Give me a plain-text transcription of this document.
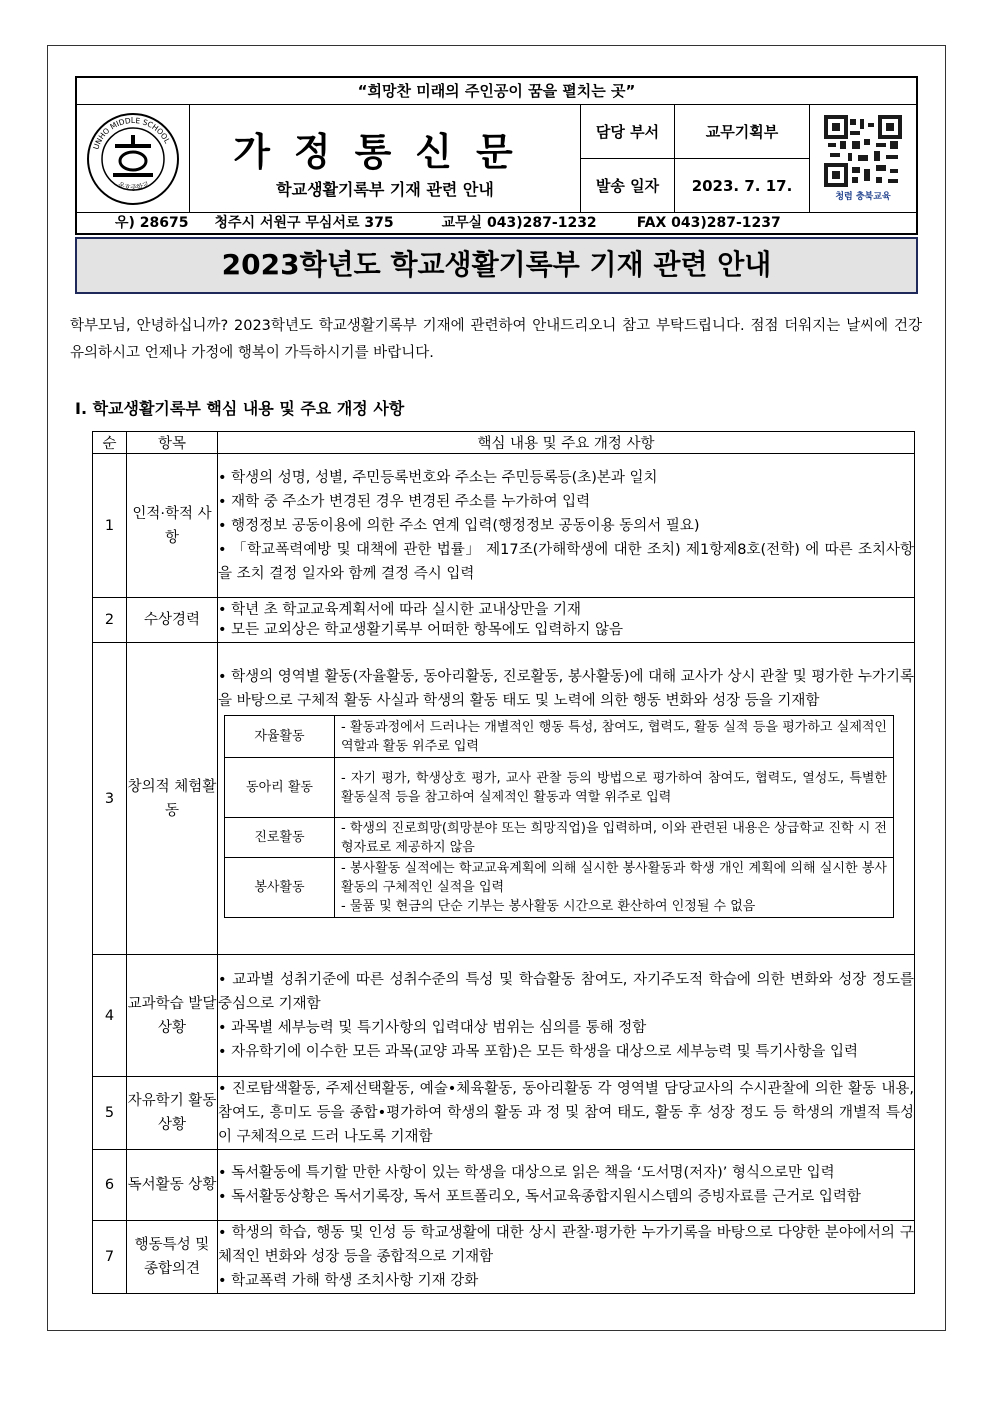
“희망찬 미래의 주인공이 꿈을 펼치는 곳”
UNHO MIDDLE SCHOOL
운호중학교
가정통신문
학교생활기록부 기재 관련 안내
담당 부서	교무기획부
발송 일자	2023. 7. 17.
청렴 충북교육
우) 28675 청주시 서원구 무심서로 375	교무실 043)287-1232	FAX 043)287-1237
2023학년도 학교생활기록부 기재 관련 안내
학부모님, 안녕하십니까? 2023학년도 학교생활기록부 기재에 관련하여 안내드리오니 참고 부탁드립니다. 점점 더워지는 날씨에 건강 유의하시고 언제나 가정에 행복이 가득하시기를 바랍니다.
Ⅰ. 학교생활기록부 핵심 내용 및 주요 개정 사항
순	항목	핵심 내용 및 주요 개정 사항
1	인적·학적 사항	
• 학생의 성명, 성별, 주민등록번호와 주소는 주민등록등(초)본과 일치
• 재학 중 주소가 변경된 경우 변경된 주소를 누가하여 입력
• 행정정보 공동이용에 의한 주소 연계 입력(행정정보 공동이용 동의서 필요)
• 「학교폭력예방 및 대책에 관한 법률」 제17조(가해학생에 대한 조치) 제1항제8호(전학) 에 따른 조치사항을 조치 결정 일자와 함께 결정 즉시 입력

2	수상경력	
• 학년 초 학교교육계획서에 따라 실시한 교내상만을 기재
• 모든 교외상은 학교생활기록부 어떠한 항목에도 입력하지 않음

3	창의적 체험활동	
• 학생의 영역별 활동(자율활동, 동아리활동, 진로활동, 봉사활동)에 대해 교사가 상시 관찰 및 평가한 누가기록을 바탕으로 구체적 활동 사실과 학생의 활동 태도 및 노력에 의한 행동 변화와 성장 등을 기재함
자율활동	- 활동과정에서 드러나는 개별적인 행동 특성, 참여도, 협력도, 활동 실적 등을 평가하고 실제적인 역할과 활동 위주로 입력
동아리 활동	- 자기 평가, 학생상호 평가, 교사 관찰 등의 방법으로 평가하여 참여도, 협력도, 열성도, 특별한 활동실적 등을 참고하여 실제적인 활동과 역할 위주로 입력
진로활동	- 학생의 진로희망(희망분야 또는 희망직업)을 입력하며, 이와 관련된 내용은 상급학교 진학 시 전형자료로 제공하지 않음
봉사활동	
- 봉사활동 실적에는 학교교육계획에 의해 실시한 봉사활동과 학생 개인 계획에 의해 실시한 봉사활동의 구체적인 실적을 입력
- 물품 및 현금의 단순 기부는 봉사활동 시간으로 환산하여 인정될 수 없음

4	교과학습 발달상황	
• 교과별 성취기준에 따른 성취수준의 특성 및 학습활동 참여도, 자기주도적 학습에 의한 변화와 성장 정도를 중심으로 기재함
• 과목별 세부능력 및 특기사항의 입력대상 범위는 심의를 통해 정함
• 자유학기에 이수한 모든 과목(교양 과목 포함)은 모든 학생을 대상으로 세부능력 및 특기사항을 입력

5	자유학기 활동상황	
• 진로탐색활동, 주제선택활동, 예술•체육활동, 동아리활동 각 영역별 담당교사의 수시관찰에 의한 활동 내용, 참여도, 흥미도 등을 종합•평가하여 학생의 활동 과 정 및 참여 태도, 활동 후 성장 정도 등 학생의 개별적 특성이 구체적으로 드러 나도록 기재함

6	독서활동 상황	
• 독서활동에 특기할 만한 사항이 있는 학생을 대상으로 읽은 책을 ‘도서명(저자)’ 형식으로만 입력
• 독서활동상황은 독서기록장, 독서 포트폴리오, 독서교육종합지원시스템의 증빙자료를 근거로 입력함

7	행동특성 및 종합의견	
• 학생의 학습, 행동 및 인성 등 학교생활에 대한 상시 관찰·평가한 누가기록을 바탕으로 다양한 분야에서의 구체적인 변화와 성장 등을 종합적으로 기재함
• 학교폭력 가해 학생 조치사항 기재 강화
